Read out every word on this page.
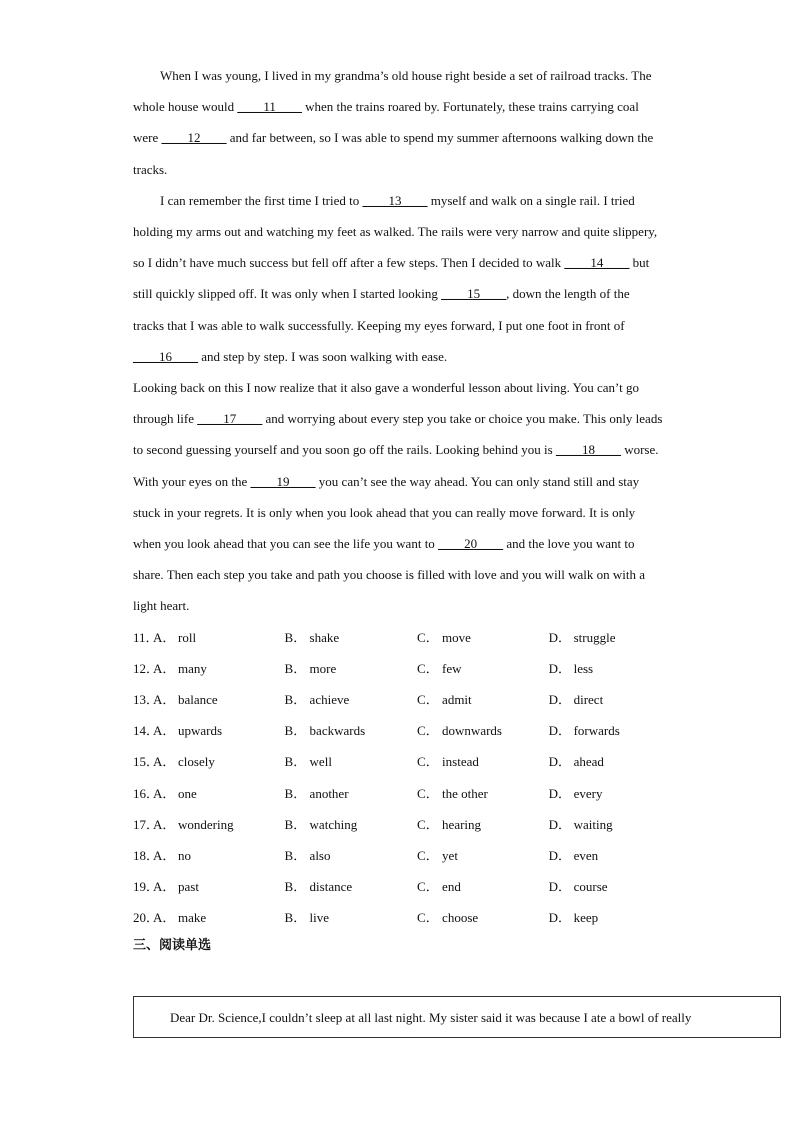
When I was young, I lived in my grandma’s old house right beside a set of railroad tracks. The whole house would ____11____ when the trains roared by. Fortunately, these trains carrying coal were ____12____ and far between, so I was able to spend my summer afternoons walking down the tracks.

I can remember the first time I tried to ____13____ myself and walk on a single rail. I tried holding my arms out and watching my feet as walked. The rails were very narrow and quite slippery, so I didn’t have much success but fell off after a few steps. Then I decided to walk ____14____ but still quickly slipped off. It was only when I started looking ____15____, down the length of the tracks that I was able to walk successfully. Keeping my eyes forward, I put one foot in front of ____16____ and step by step. I was soon walking with ease.

Looking back on this I now realize that it also gave a wonderful lesson about living. You can’t go through life ____17____ and worrying about every step you take or choice you make. This only leads to second guessing yourself and you soon go off the rails. Looking behind you is ____18____ worse. With your eyes on the ____19____ you can’t see the way ahead. You can only stand still and stay stuck in your regrets. It is only when you look ahead that you can really move forward. It is only when you look ahead that you can see the life you want to ____20____ and the love you want to share. Then each step you take and path you choose is filled with love and you will walk on with a light heart.

11．
A． roll	B． shake	C． move	D． struggle
12．
A． many	B． more	C． few	D． less
13．
A． balance	B． achieve	C． admit	D． direct
14．
A． upwards	B． backwards	C． downwards	D． forwards
15．
A． closely	B． well	C． instead	D． ahead
16．
A． one	B． another	C． the other	D． every
17．
A． wondering	B． watching	C． hearing	D． waiting
18．
A． no	B． also	C． yet	D． even
19．
A． past	B． distance	C． end	D． course
20．
A． make	B． live	C． choose	D． keep
三、阅读单选
Dear Dr. Science,I couldn’t sleep at all last night. My sister said it was because I ate a bowl of really
